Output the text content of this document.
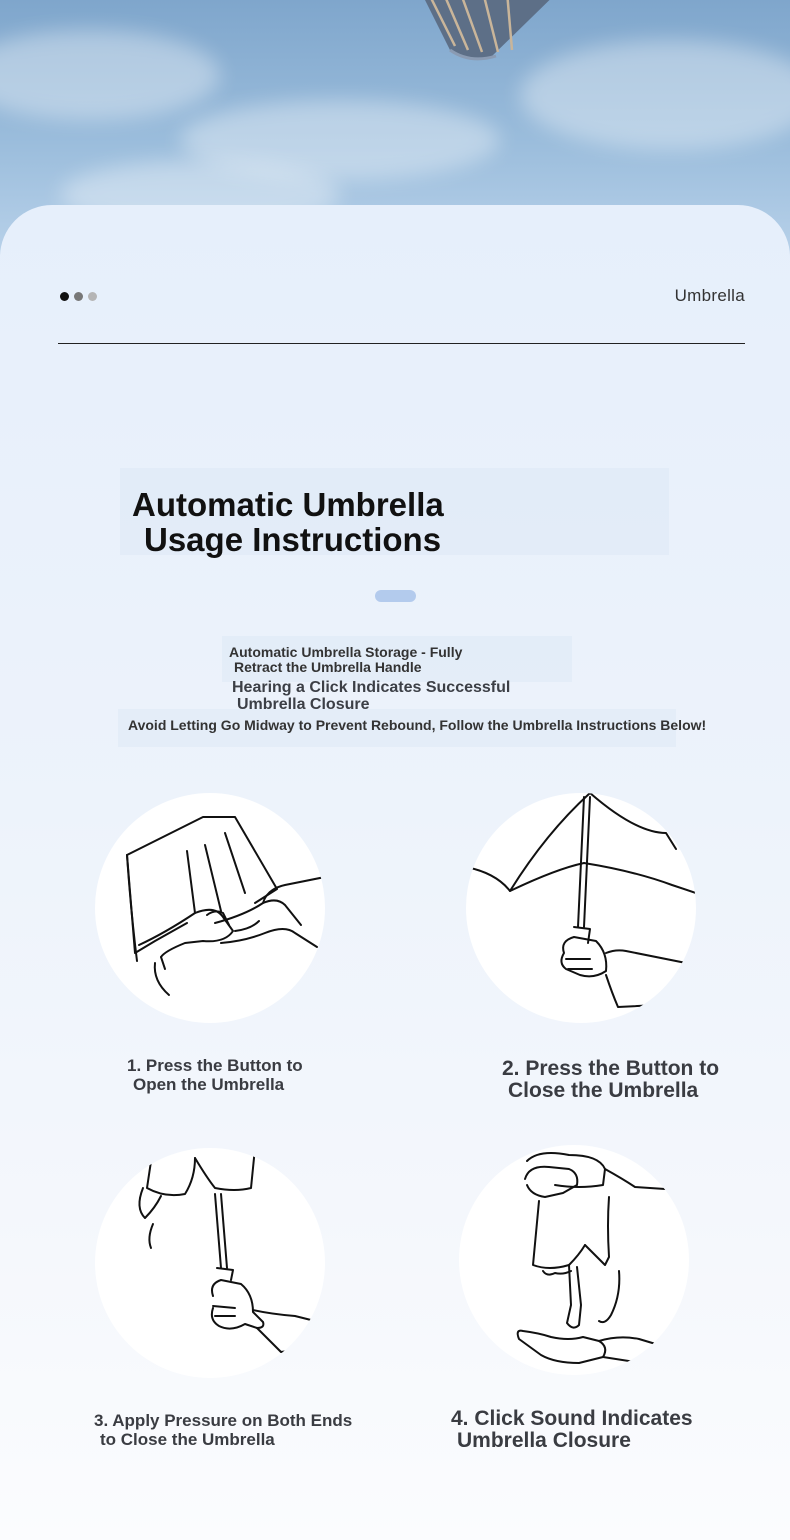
Umbrella
Automatic Umbrella
Usage Instructions
Automatic Umbrella Storage - Fully
Retract the Umbrella Handle
Hearing a Click Indicates Successful
Umbrella Closure
Avoid Letting Go Midway to Prevent Rebound, Follow the Umbrella Instructions Below!
1. Press the Button to
Open the Umbrella
2. Press the Button to
Close the Umbrella
3. Apply Pressure on Both Ends
to Close the Umbrella
4. Click Sound Indicates
Umbrella Closure
